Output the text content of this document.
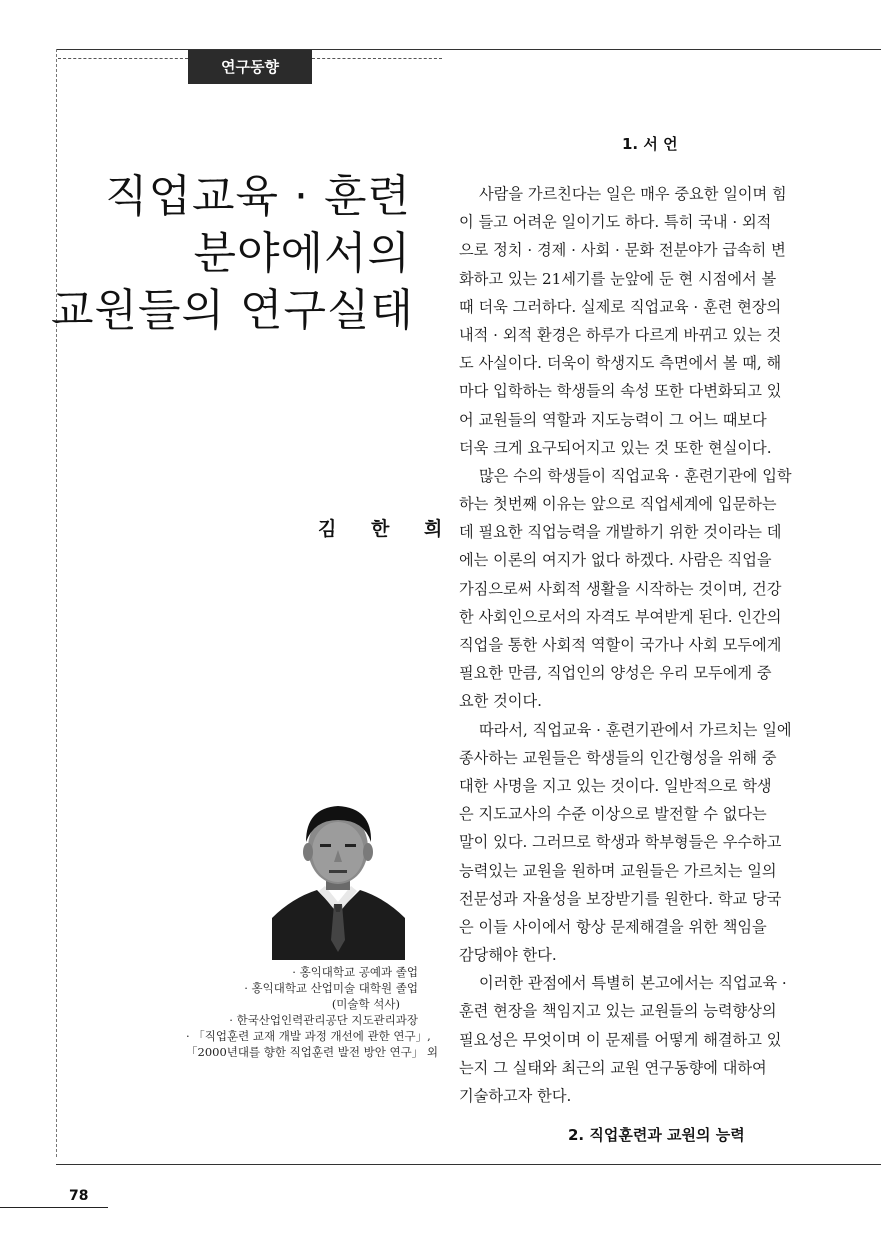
연구동향
직업교육 · 훈련
분야에서의
교원들의 연구실태
김 한 희
· 홍익대학교 공예과 졸업
· 홍익대학교 산업미술 대학원 졸업
(미술학 석사)
· 한국산업인력관리공단 지도관리과장
· 「직업훈련 교재 개발 과정 개선에 관한 연구」,
「2000년대를 향한 직업훈련 발전 방안 연구」 외
1. 서 언
사람을 가르친다는 일은 매우 중요한 일이며 힘
이 들고 어려운 일이기도 하다. 특히 국내 · 외적
으로 정치 · 경제 · 사회 · 문화 전분야가 급속히 변
화하고 있는 21세기를 눈앞에 둔 현 시점에서 볼
때 더욱 그러하다. 실제로 직업교육 · 훈련 현장의
내적 · 외적 환경은 하루가 다르게 바뀌고 있는 것
도 사실이다. 더욱이 학생지도 측면에서 볼 때, 해
마다 입학하는 학생들의 속성 또한 다변화되고 있
어 교원들의 역할과 지도능력이 그 어느 때보다
더욱 크게 요구되어지고 있는 것 또한 현실이다.
많은 수의 학생들이 직업교육 · 훈련기관에 입학
하는 첫번째 이유는 앞으로 직업세계에 입문하는
데 필요한 직업능력을 개발하기 위한 것이라는 데
에는 이론의 여지가 없다 하겠다. 사람은 직업을
가짐으로써 사회적 생활을 시작하는 것이며, 건강
한 사회인으로서의 자격도 부여받게 된다. 인간의
직업을 통한 사회적 역할이 국가나 사회 모두에게
필요한 만큼, 직업인의 양성은 우리 모두에게 중
요한 것이다.
따라서, 직업교육 · 훈련기관에서 가르치는 일에
종사하는 교원들은 학생들의 인간형성을 위해 중
대한 사명을 지고 있는 것이다. 일반적으로 학생
은 지도교사의 수준 이상으로 발전할 수 없다는
말이 있다. 그러므로 학생과 학부형들은 우수하고
능력있는 교원을 원하며 교원들은 가르치는 일의
전문성과 자율성을 보장받기를 원한다. 학교 당국
은 이들 사이에서 항상 문제해결을 위한 책임을
감당해야 한다.
이러한 관점에서 특별히 본고에서는 직업교육 ·
훈련 현장을 책임지고 있는 교원들의 능력향상의
필요성은 무엇이며 이 문제를 어떻게 해결하고 있
는지 그 실태와 최근의 교원 연구동향에 대하여
기술하고자 한다.
2. 직업훈련과 교원의 능력
78
